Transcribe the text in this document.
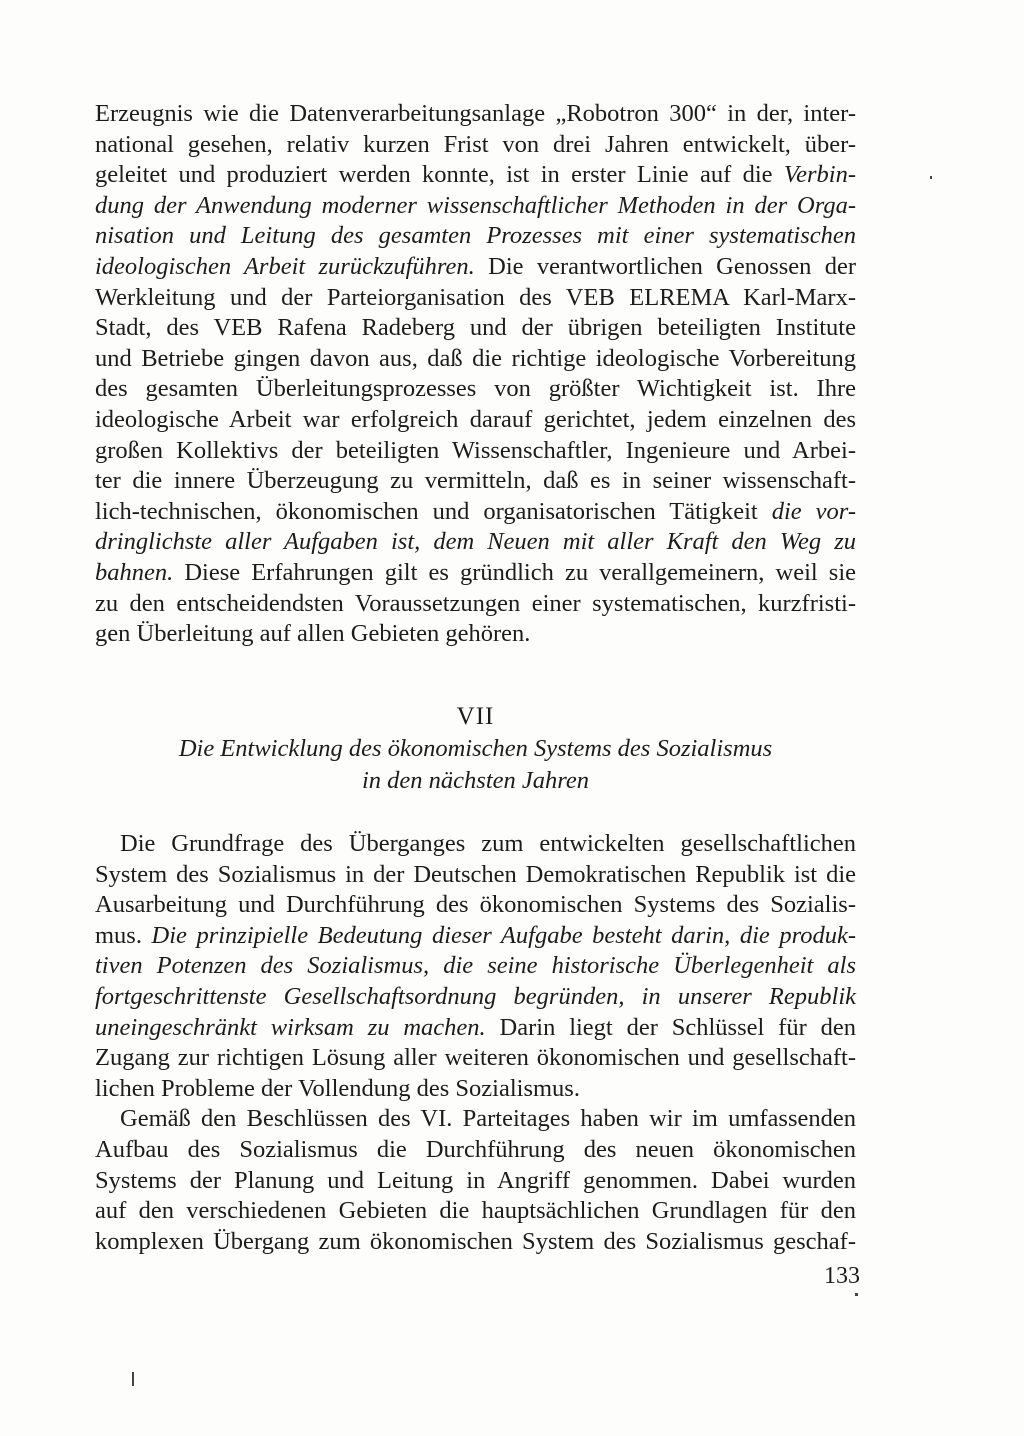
Erzeugnis wie die Datenverarbeitungsanlage „Robotron 300“ in der, inter-
national gesehen, relativ kurzen Frist von drei Jahren entwickelt, über-
geleitet und produziert werden konnte, ist in erster Linie auf die Verbin-
dung der Anwendung moderner wissenschaftlicher Methoden in der Orga-
nisation und Leitung des gesamten Prozesses mit einer systematischen
ideologischen Arbeit zurückzuführen. Die verantwortlichen Genossen der
Werkleitung und der Parteiorganisation des VEB ELREMA Karl-Marx-
Stadt, des VEB Rafena Radeberg und der übrigen beteiligten Institute
und Betriebe gingen davon aus, daß die richtige ideologische Vorbereitung
des gesamten Überleitungsprozesses von größter Wichtigkeit ist. Ihre
ideologische Arbeit war erfolgreich darauf gerichtet, jedem einzelnen des
großen Kollektivs der beteiligten Wissenschaftler, Ingenieure und Arbei-
ter die innere Überzeugung zu vermitteln, daß es in seiner wissenschaft-
lich-technischen, ökonomischen und organisatorischen Tätigkeit die vor-
dringlichste aller Aufgaben ist, dem Neuen mit aller Kraft den Weg zu
bahnen. Diese Erfahrungen gilt es gründlich zu verallgemeinern, weil sie
zu den entscheidendsten Voraussetzungen einer systematischen, kurzfristi-
gen Überleitung auf allen Gebieten gehören.
VII
Die Entwicklung des ökonomischen Systems des Sozialismus
in den nächsten Jahren
Die Grundfrage des Überganges zum entwickelten gesellschaftlichen
System des Sozialismus in der Deutschen Demokratischen Republik ist die
Ausarbeitung und Durchführung des ökonomischen Systems des Sozialis-
mus. Die prinzipielle Bedeutung dieser Aufgabe besteht darin, die produk-
tiven Potenzen des Sozialismus, die seine historische Überlegenheit als
fortgeschrittenste Gesellschaftsordnung begründen, in unserer Republik
uneingeschränkt wirksam zu machen. Darin liegt der Schlüssel für den
Zugang zur richtigen Lösung aller weiteren ökonomischen und gesellschaft-
lichen Probleme der Vollendung des Sozialismus.
Gemäß den Beschlüssen des VI. Parteitages haben wir im umfassenden
Aufbau des Sozialismus die Durchführung des neuen ökonomischen
Systems der Planung und Leitung in Angriff genommen. Dabei wurden
auf den verschiedenen Gebieten die hauptsächlichen Grundlagen für den
komplexen Übergang zum ökonomischen System des Sozialismus geschaf-
133
